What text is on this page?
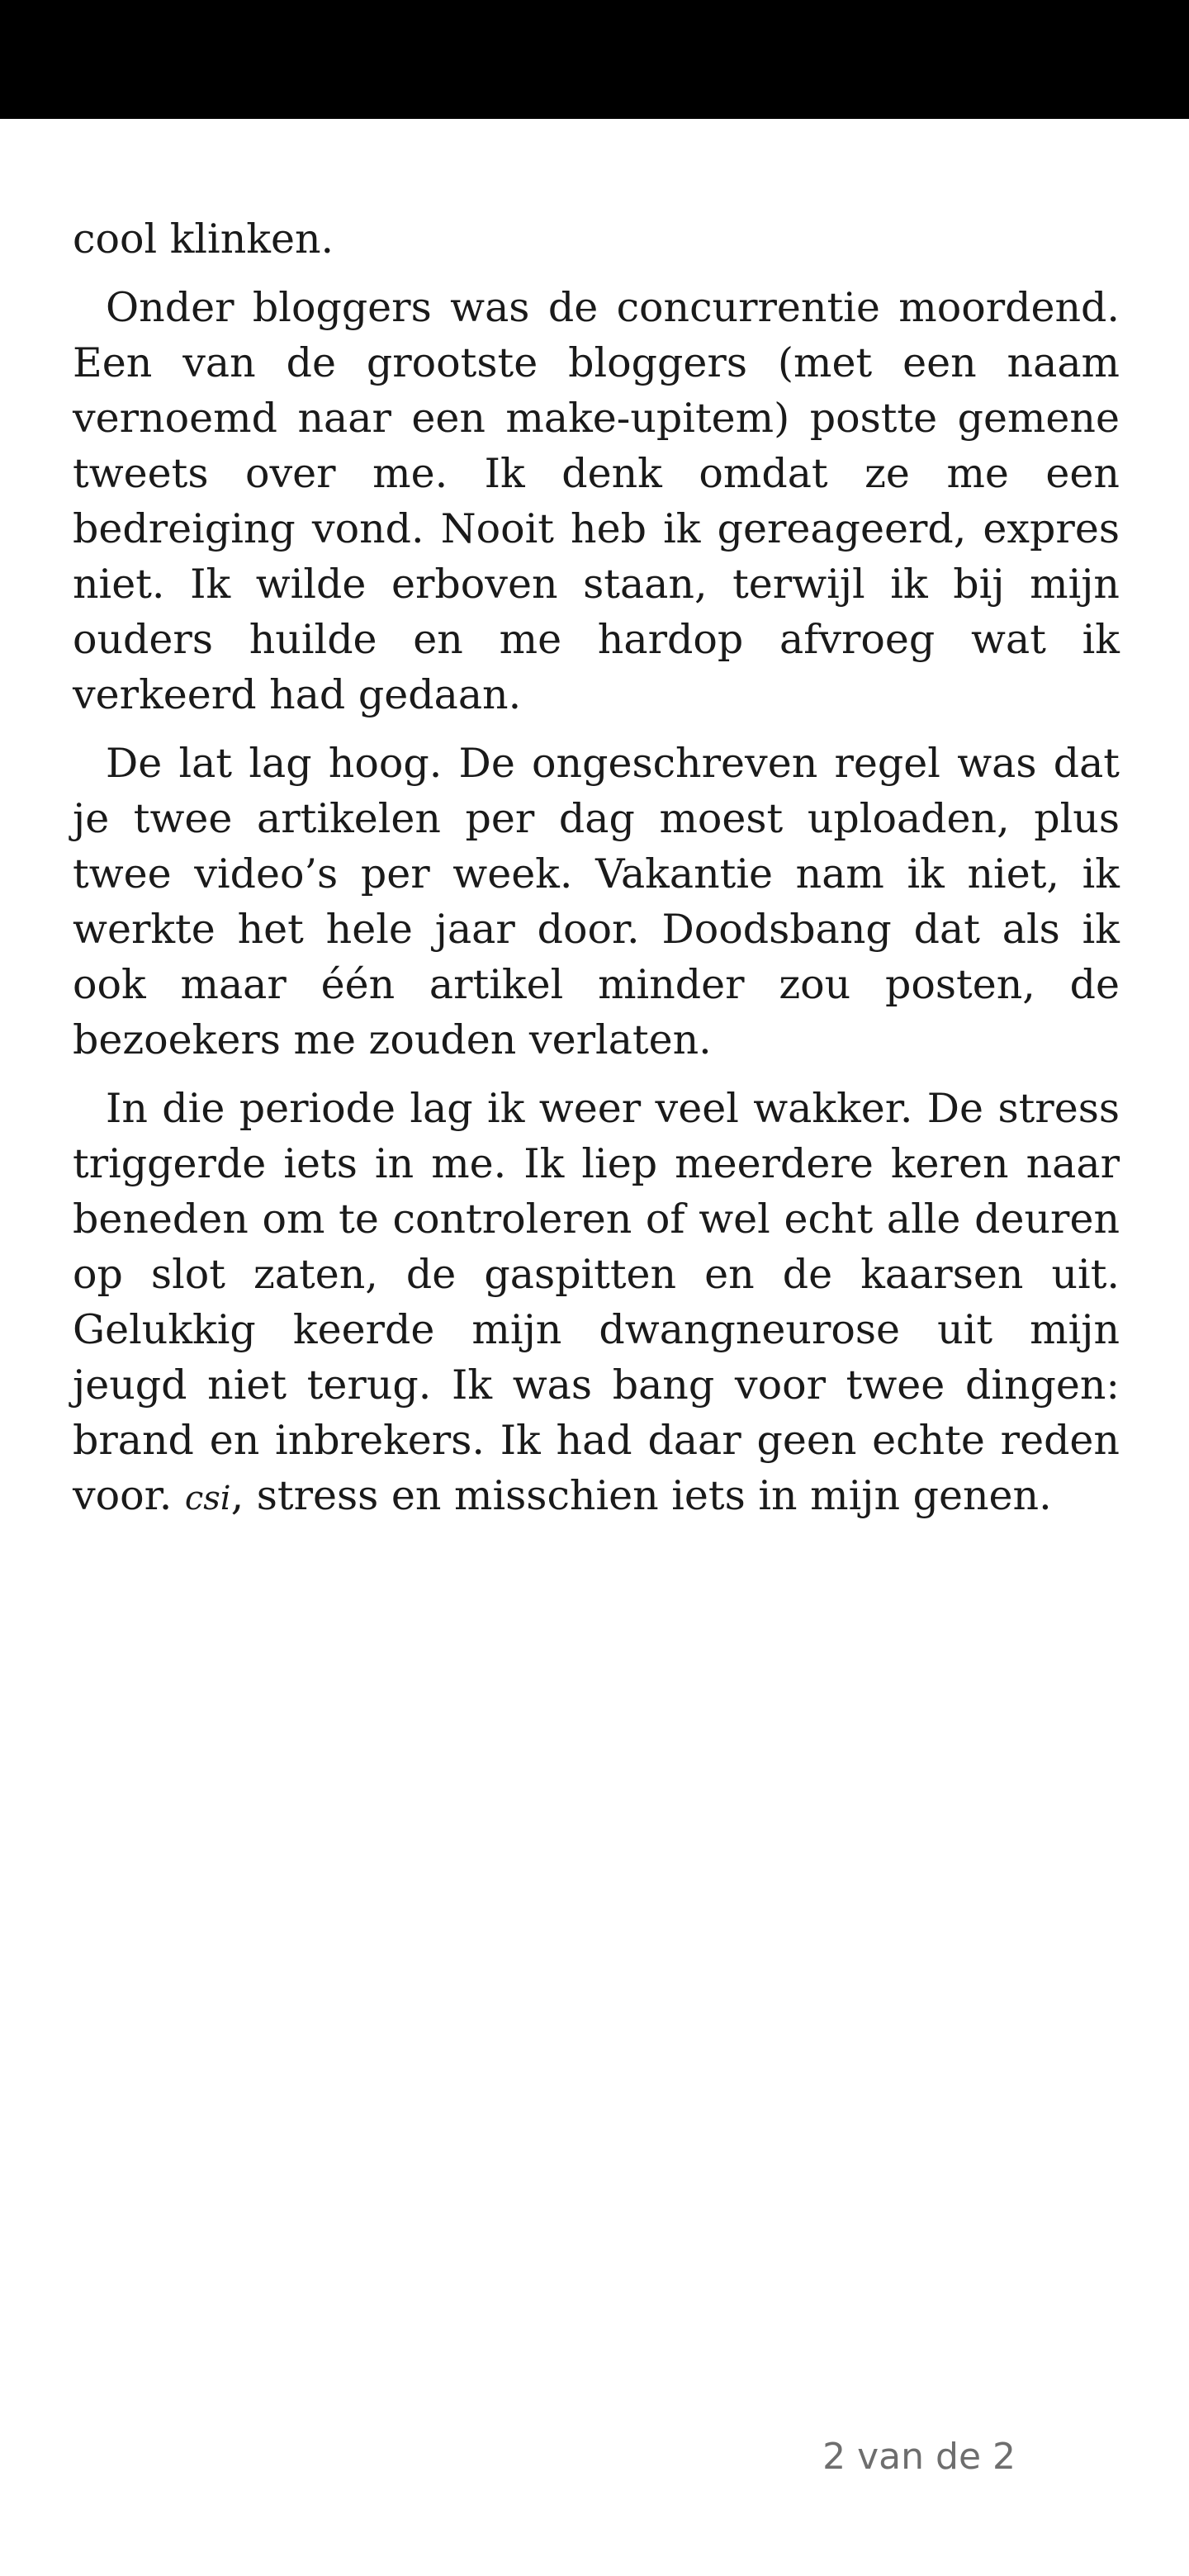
cool klinken.

Onder bloggers was de concurrentie moordend. Een van de grootste bloggers (met een naam vernoemd naar een make-upitem) postte gemene tweets over me. Ik denk omdat ze me een bedreiging vond. Nooit heb ik gereageerd, expres niet. Ik wilde erboven staan, terwijl ik bij mijn ouders huilde en me hardop afvroeg wat ik verkeerd had gedaan.

De lat lag hoog. De ongeschreven regel was dat je twee artikelen per dag moest uploaden, plus twee video’s per week. Vakantie nam ik niet, ik werkte het hele jaar door. Doodsbang dat als ik ook maar één artikel minder zou posten, de bezoekers me zouden verlaten.

In die periode lag ik weer veel wakker. De stress triggerde iets in me. Ik liep meerdere keren naar beneden om te controleren of wel echt alle deuren op slot zaten, de gaspitten en de kaarsen uit. Gelukkig keerde mijn dwangneurose uit mijn jeugd niet terug. Ik was bang voor twee dingen: brand en inbrekers. Ik had daar geen echte reden voor. csi, stress en misschien iets in mijn genen.

2 van de 2
